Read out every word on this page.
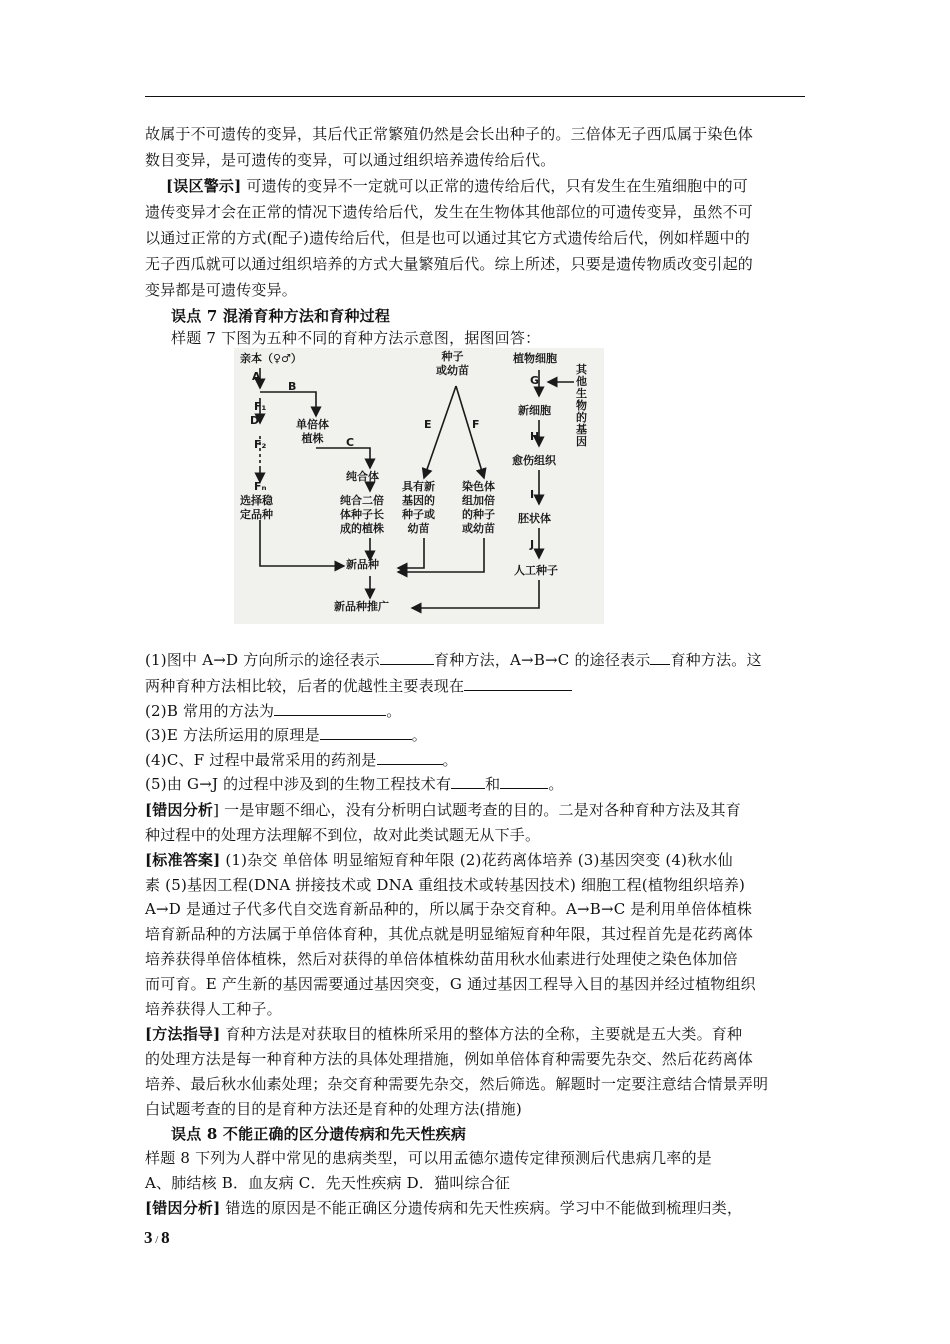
故属于不可遗传的变异，其后代正常繁殖仍然是会长出种子的。三倍体无子西瓜属于染色体
数目变异，是可遗传的变异，可以通过组织培养遗传给后代。
[误区警示] 可遗传的变异不一定就可以正常的遗传给后代，只有发生在生殖细胞中的可
遗传变异才会在正常的情况下遗传给后代，发生在生物体其他部位的可遗传变异，虽然不可
以通过正常的方式(配子)遗传给后代，但是也可以通过其它方式遗传给后代，例如样题中的
无子西瓜就可以通过组织培养的方式大量繁殖后代。综上所述，只要是遗传物质改变引起的
变异都是可遗传变异。
误点 7 混淆育种方法和育种过程
样题 7 下图为五种不同的育种方法示意图，据图回答：
亲本（♀♂）
A
B
F₁
D
F₂
Fₙ
选择稳
定品种
单倍体
植株	C
纯合体
纯合二倍
体种子长
成的植株
种子
或幼苗
E	F
具有新
基因的
种子或
幼苗
染色体
组加倍
的种子
或幼苗
植物细胞
G
其
他
生
物
的
基
因
新细胞
H
愈伤组织
I
胚状体
J
人工种子
新品种
新品种推广
(1)图中 A→D 方向所示的途径表示	育种方法，A→B→C 的途径表示 育种方法。这
两种育种方法相比较，后者的优越性主要表现在
(2)B 常用的方法为	。
(3)E 方法所运用的原理是	。
(4)C、F 过程中最常采用的药剂是	。
(5)由 G→J 的过程中涉及到的生物工程技术有 和	。
[错因分析] 一是审题不细心，没有分析明白试题考查的目的。二是对各种育种方法及其育
种过程中的处理方法理解不到位，故对此类试题无从下手。
[标准答案] (1)杂交 单倍体 明显缩短育种年限 (2)花药离体培养 (3)基因突变 (4)秋水仙
素 (5)基因工程(DNA 拼接技术或 DNA 重组技术或转基因技术) 细胞工程(植物组织培养)
A→D 是通过子代多代自交选育新品种的，所以属于杂交育种。A→B→C 是利用单倍体植株
培育新品种的方法属于单倍体育种，其优点就是明显缩短育种年限，其过程首先是花药离体
培养获得单倍体植株，然后对获得的单倍体植株幼苗用秋水仙素进行处理使之染色体加倍
而可育。E 产生新的基因需要通过基因突变，G 通过基因工程导入目的基因并经过植物组织
培养获得人工种子。
[方法指导] 育种方法是对获取目的植株所采用的整体方法的全称，主要就是五大类。育种
的处理方法是每一种育种方法的具体处理措施，例如单倍体育种需要先杂交、然后花药离体
培养、最后秋水仙素处理；杂交育种需要先杂交，然后筛选。解题时一定要注意结合情景弄明
白试题考查的目的是育种方法还是育种的处理方法(措施)
误点 8 不能正确的区分遗传病和先天性疾病
样题 8 下列为人群中常见的患病类型，可以用孟德尔遗传定律预测后代患病几率的是
A、肺结核 B．血友病 C．先天性疾病 D．猫叫综合征
[错因分析] 错选的原因是不能正确区分遗传病和先天性疾病。学习中不能做到梳理归类，
3 / 8
